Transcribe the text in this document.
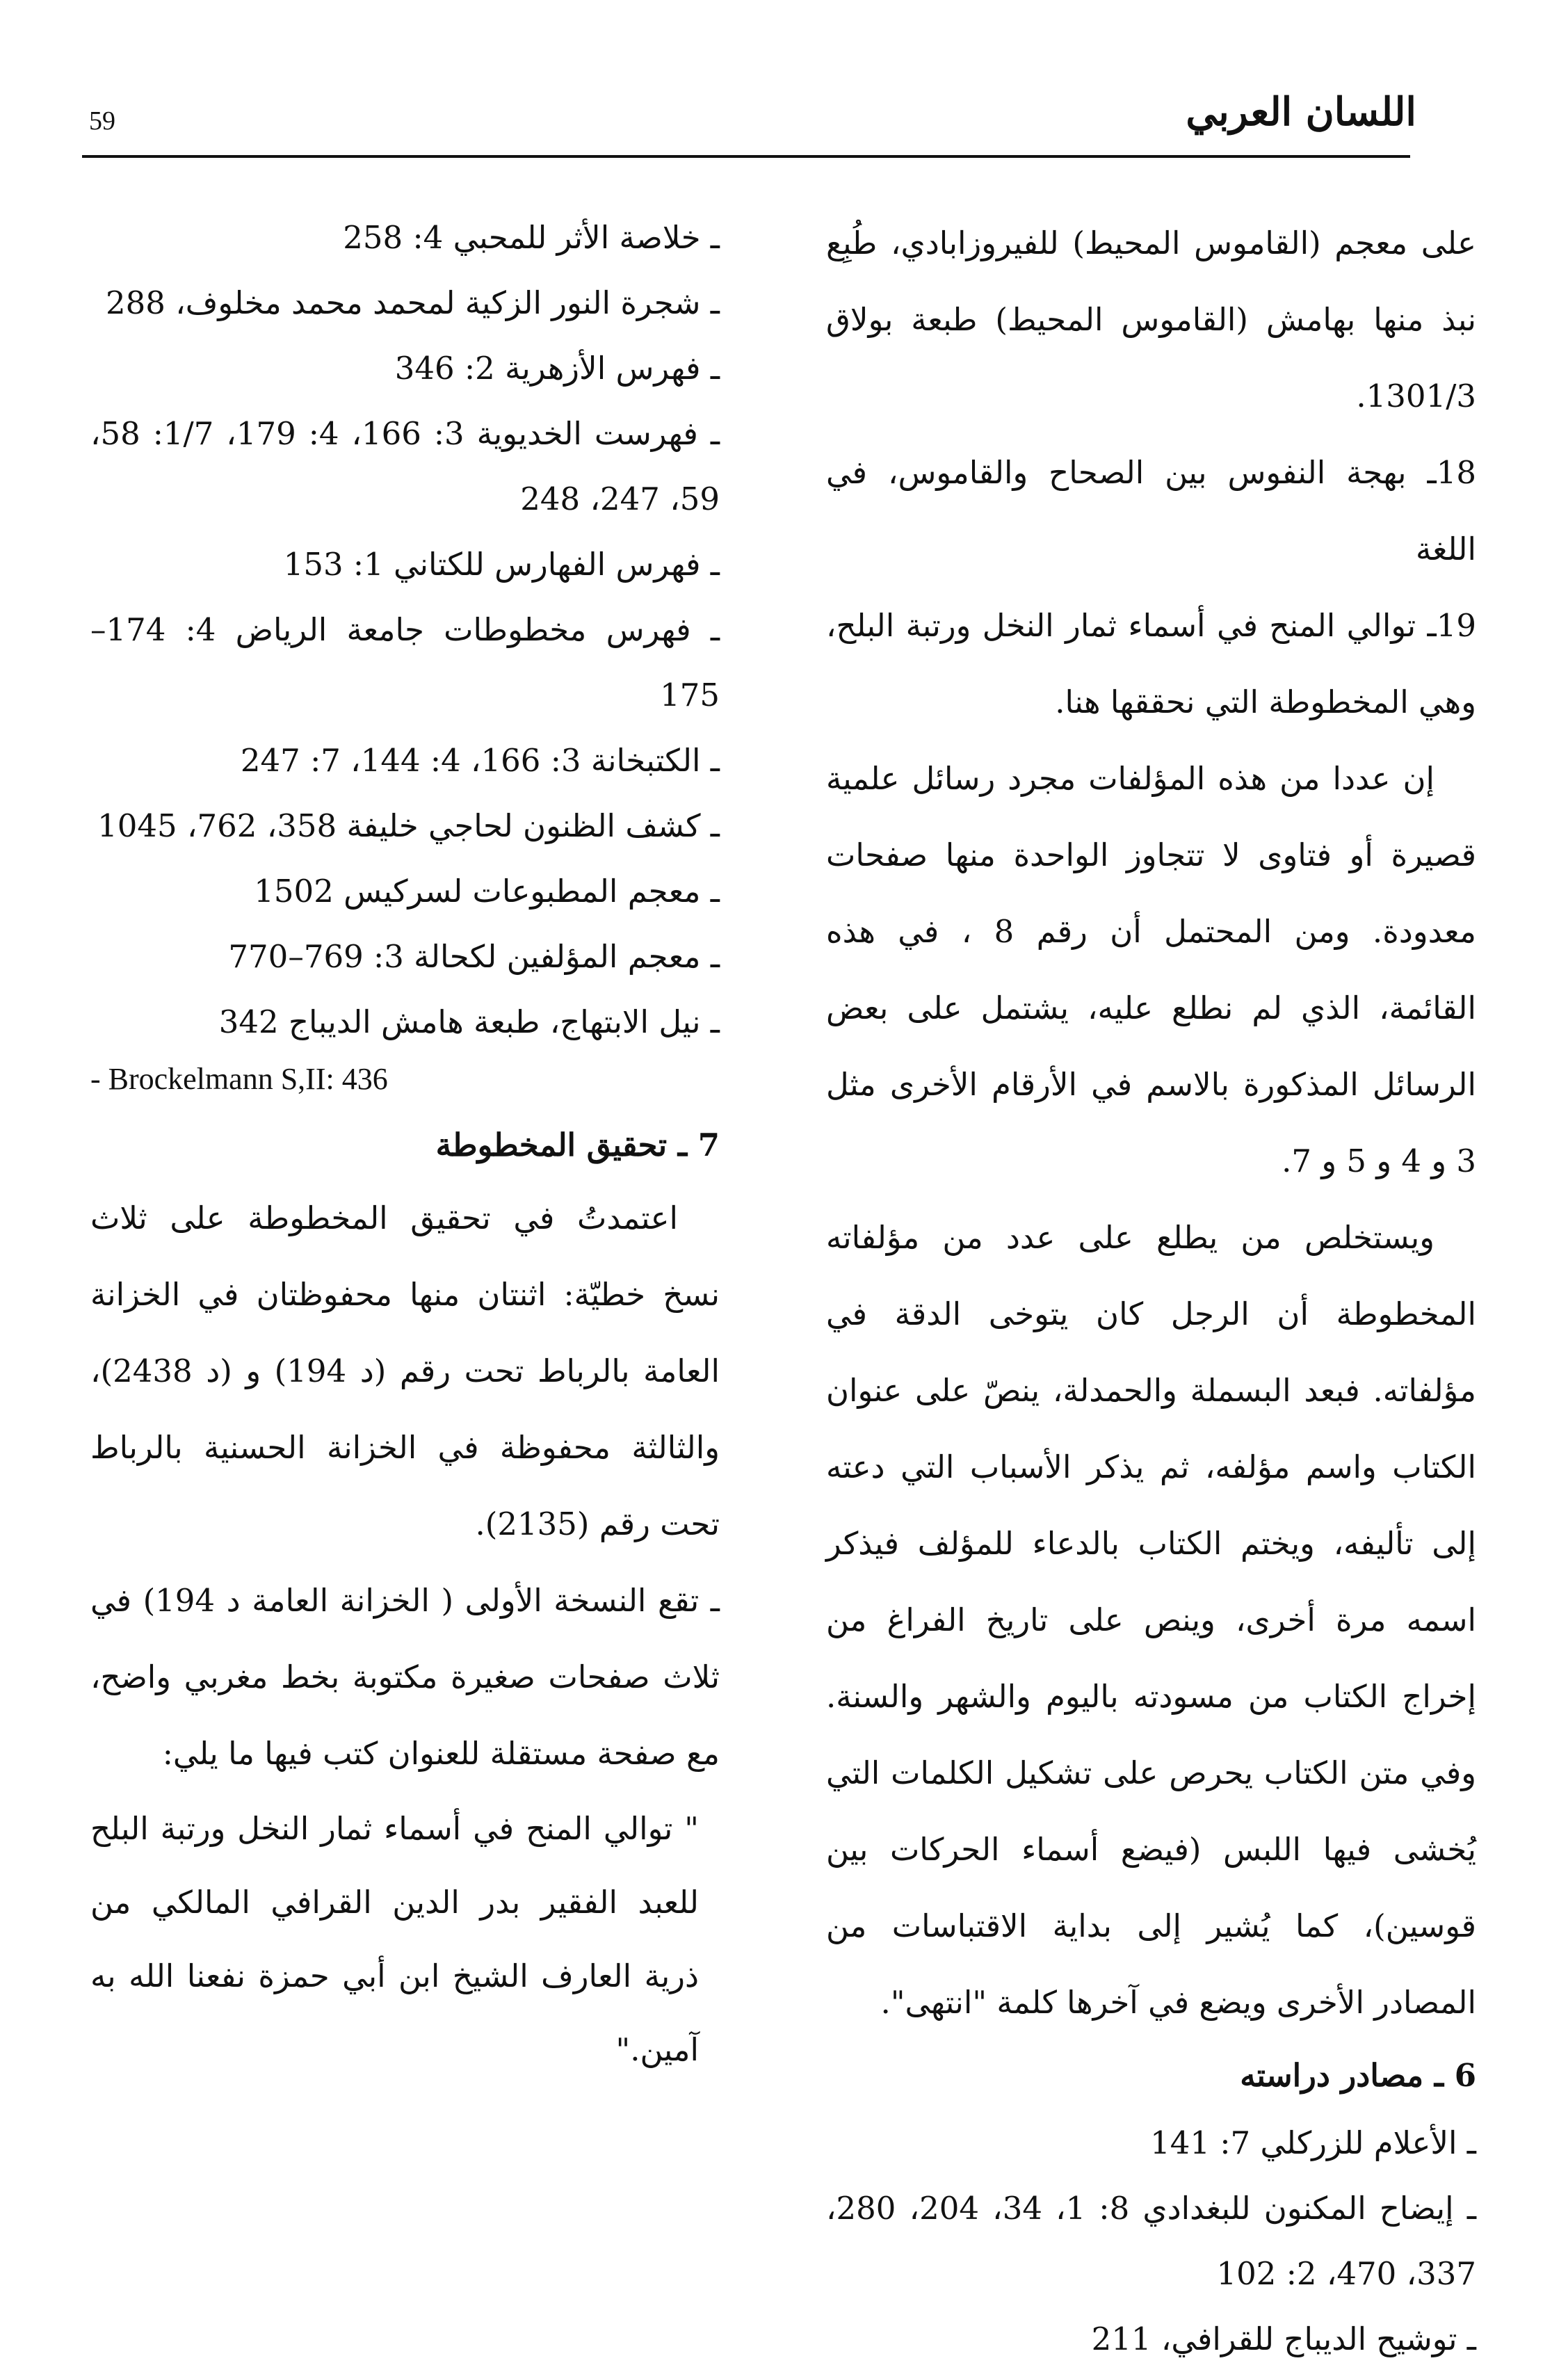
59	اللسان العربي

على معجم (القاموس المحيط) للفيروزابادي، طُبِع نبذ منها بهامش (القاموس المحيط) طبعة بولاق 1301/3.

18ـ بهجة النفوس بين الصحاح والقاموس، في اللغة

19ـ توالي المنح في أسماء ثمار النخل ورتبة البلح، وهي المخطوطة التي نحققها هنا.

إن عددا من هذه المؤلفات مجرد رسائل علمية قصيرة أو فتاوى لا تتجاوز الواحدة منها صفحات معدودة. ومن المحتمل أن رقم 8 ، في هذه القائمة، الذي لم نطلع عليه، يشتمل على بعض الرسائل المذكورة بالاسم في الأرقام الأخرى مثل 3 و 4 و 5 و 7.

ويستخلص من يطلع على عدد من مؤلفاته المخطوطة أن الرجل كان يتوخى الدقة في مؤلفاته. فبعد البسملة والحمدلة، ينصّ على عنوان الكتاب واسم مؤلفه، ثم يذكر الأسباب التي دعته إلى تأليفه، ويختم الكتاب بالدعاء للمؤلف فيذكر اسمه مرة أخرى، وينص على تاريخ الفراغ من إخراج الكتاب من مسودته باليوم والشهر والسنة. وفي متن الكتاب يحرص على تشكيل الكلمات التي يُخشى فيها اللبس (فيضع أسماء الحركات بين قوسين)، كما يُشير إلى بداية الاقتباسات من المصادر الأخرى ويضع في آخرها كلمة "انتهى".

6 ـ مصادر دراسته

ـ الأعلام للزركلي 7: 141

ـ إيضاح المكنون للبغدادي 8: 1، 34، 204، 280، 337، 470، 2: 102

ـ توشيح الديباج للقرافي، 211

ـ خلاصة الأثر للمحبي 4: 258

ـ شجرة النور الزكية لمحمد محمد مخلوف، 288

ـ فهرس الأزهرية 2: 346

ـ فهرست الخديوية 3: 166، 4: 179، 1/7: 58، 59، 247، 248

ـ فهرس الفهارس للكتاني 1: 153

ـ فهرس مخطوطات جامعة الرياض 4: 174–175

ـ الكتبخانة 3: 166، 4: 144، 7: 247

ـ كشف الظنون لحاجي خليفة 358، 762، 1045

ـ معجم المطبوعات لسركيس 1502

ـ معجم المؤلفين لكحالة 3: 769–770

ـ نيل الابتهاج، طبعة هامش الديباج 342

- Brockelmann S,II: 436

7 ـ تحقيق المخطوطة

اعتمدتُ في تحقيق المخطوطة على ثلاث نسخ خطيّة: اثنتان منها محفوظتان في الخزانة العامة بالرباط تحت رقم (د 194) و (د 2438)، والثالثة محفوظة في الخزانة الحسنية بالرباط تحت رقم (2135).

ـ تقع النسخة الأولى ( الخزانة العامة د 194) في ثلاث صفحات صغيرة مكتوبة بخط مغربي واضح، مع صفحة مستقلة للعنوان كتب فيها ما يلي:

" توالي المنح في أسماء ثمار النخل ورتبة البلح للعبد الفقير بدر الدين القرافي المالكي من ذرية العارف الشيخ ابن أبي حمزة نفعنا الله به آمين."
